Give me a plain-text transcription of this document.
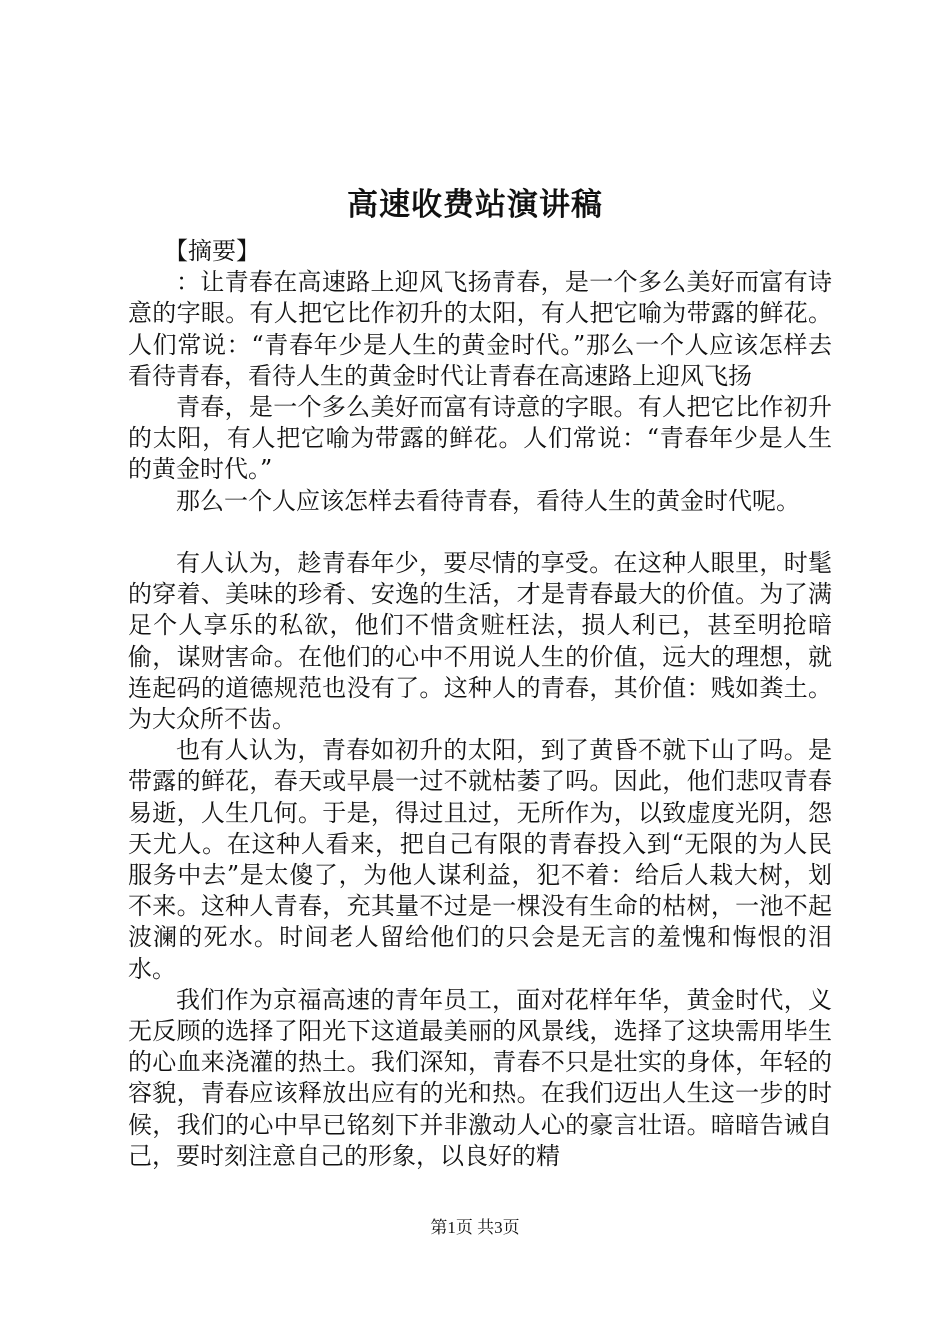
高速收费站演讲稿

【摘要】

：让青春在高速路上迎风飞扬青春，是一个多么美好而富有诗意的字眼。有人把它比作初升的太阳，有人把它喻为带露的鲜花。人们常说：“青春年少是人生的黄金时代。”那么一个人应该怎样去看待青春，看待人生的黄金时代让青春在高速路上迎风飞扬

青春，是一个多么美好而富有诗意的字眼。有人把它比作初升的太阳，有人把它喻为带露的鲜花。人们常说：“青春年少是人生的黄金时代。”

那么一个人应该怎样去看待青春，看待人生的黄金时代呢。

有人认为，趁青春年少，要尽情的享受。在这种人眼里，时髦的穿着、美味的珍肴、安逸的生活，才是青春最大的价值。为了满足个人享乐的私欲，他们不惜贪赃枉法，损人利已，甚至明抢暗偷，谋财害命。在他们的心中不用说人生的价值，远大的理想，就连起码的道德规范也没有了。这种人的青春，其价值：贱如粪土。为大众所不齿。

也有人认为，青春如初升的太阳，到了黄昏不就下山了吗。是带露的鲜花，春天或早晨一过不就枯萎了吗。因此，他们悲叹青春易逝，人生几何。于是，得过且过，无所作为，以致虚度光阴，怨天尤人。在这种人看来，把自己有限的青春投入到“无限的为人民服务中去”是太傻了，为他人谋利益，犯不着：给后人栽大树，划不来。这种人青春，充其量不过是一棵没有生命的枯树，一池不起波澜的死水。时间老人留给他们的只会是无言的羞愧和悔恨的泪水。

我们作为京福高速的青年员工，面对花样年华，黄金时代，义无反顾的选择了阳光下这道最美丽的风景线，选择了这块需用毕生的心血来浇灌的热土。我们深知，青春不只是壮实的身体，年轻的容貌，青春应该释放出应有的光和热。在我们迈出人生这一步的时候，我们的心中早已铭刻下并非激动人心的豪言壮语。暗暗告诫自己，要时刻注意自己的形象，以良好的精

第1页 共3页
